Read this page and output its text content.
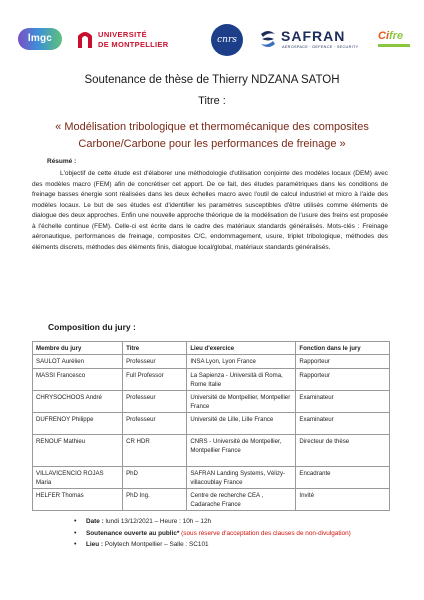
lmgc	UNIVERSITÉ
DE MONTPELLIER	cnrs	SAFRAN
AEROSPACE · DEFENCE · SECURITY
Cifre
Soutenance de thèse de Thierry NDZANA SATOH
Titre :
« Modélisation tribologique et thermomécanique des composites
Carbone/Carbone pour les performances de freinage »
Résumé :
L'objectif de cette étude est d'élaborer une méthodologie d'utilisation conjointe des modèles locaux (DEM) avec des modèles macro (FEM) afin de concrétiser cet apport. De ce fait, des études paramétriques dans les conditions de freinage basses énergie sont réalisées dans les deux échelles macro avec l'outil de calcul industriel et micro à l'aide des modèles locaux. Le but de ses études est d'identifier les paramètres susceptibles d'être utilisés comme éléments de dialogue des deux approches. Enfin une nouvelle approche théorique de la modélisation de l'usure des freins est proposée à l'échelle continue (FEM). Celle-ci est écrite dans le cadre des matériaux standards généralisés. Mots-clés : Freinage aéronautique, performances de freinage, composites C/C, endommagement, usure, triplet tribologique, méthodes des éléments discrets, méthodes des éléments finis, dialogue local/global, matériaux standards généralisés.
Composition du jury :
Membre du jury	Titre	Lieu d'exercice	Fonction dans le jury
SAULOT Aurélien	Professeur	INSA Lyon, Lyon France	Rapporteur
MASSI Francesco	Full Professor	La Sapienza - Università di Roma, Rome Italie	Rapporteur
CHRYSOCHOOS André	Professeur	Université de Montpellier, Montpellier France	Examinateur
DUFRENOY Philippe	Professeur	Université de Lille, Lille France	Examinateur
RENOUF Mathieu	CR HDR	CNRS - Université de Montpellier, Montpellier France	Directeur de thèse
VILLAVICENCIO ROJAS Maria	PhD	SAFRAN Landing Systems, Vélizy-villacoublay France	Encadrante
HELFER Thomas	PhD Ing.	Centre de recherche CEA , Cadarache France	Invité
• Date : lundi 13/12/2021 – Heure : 10h – 12h
• Soutenance ouverte au public* (sous réserve d'acceptation des clauses de non-divulgation)
• Lieu : Polytech Montpellier – Salle : SC101
